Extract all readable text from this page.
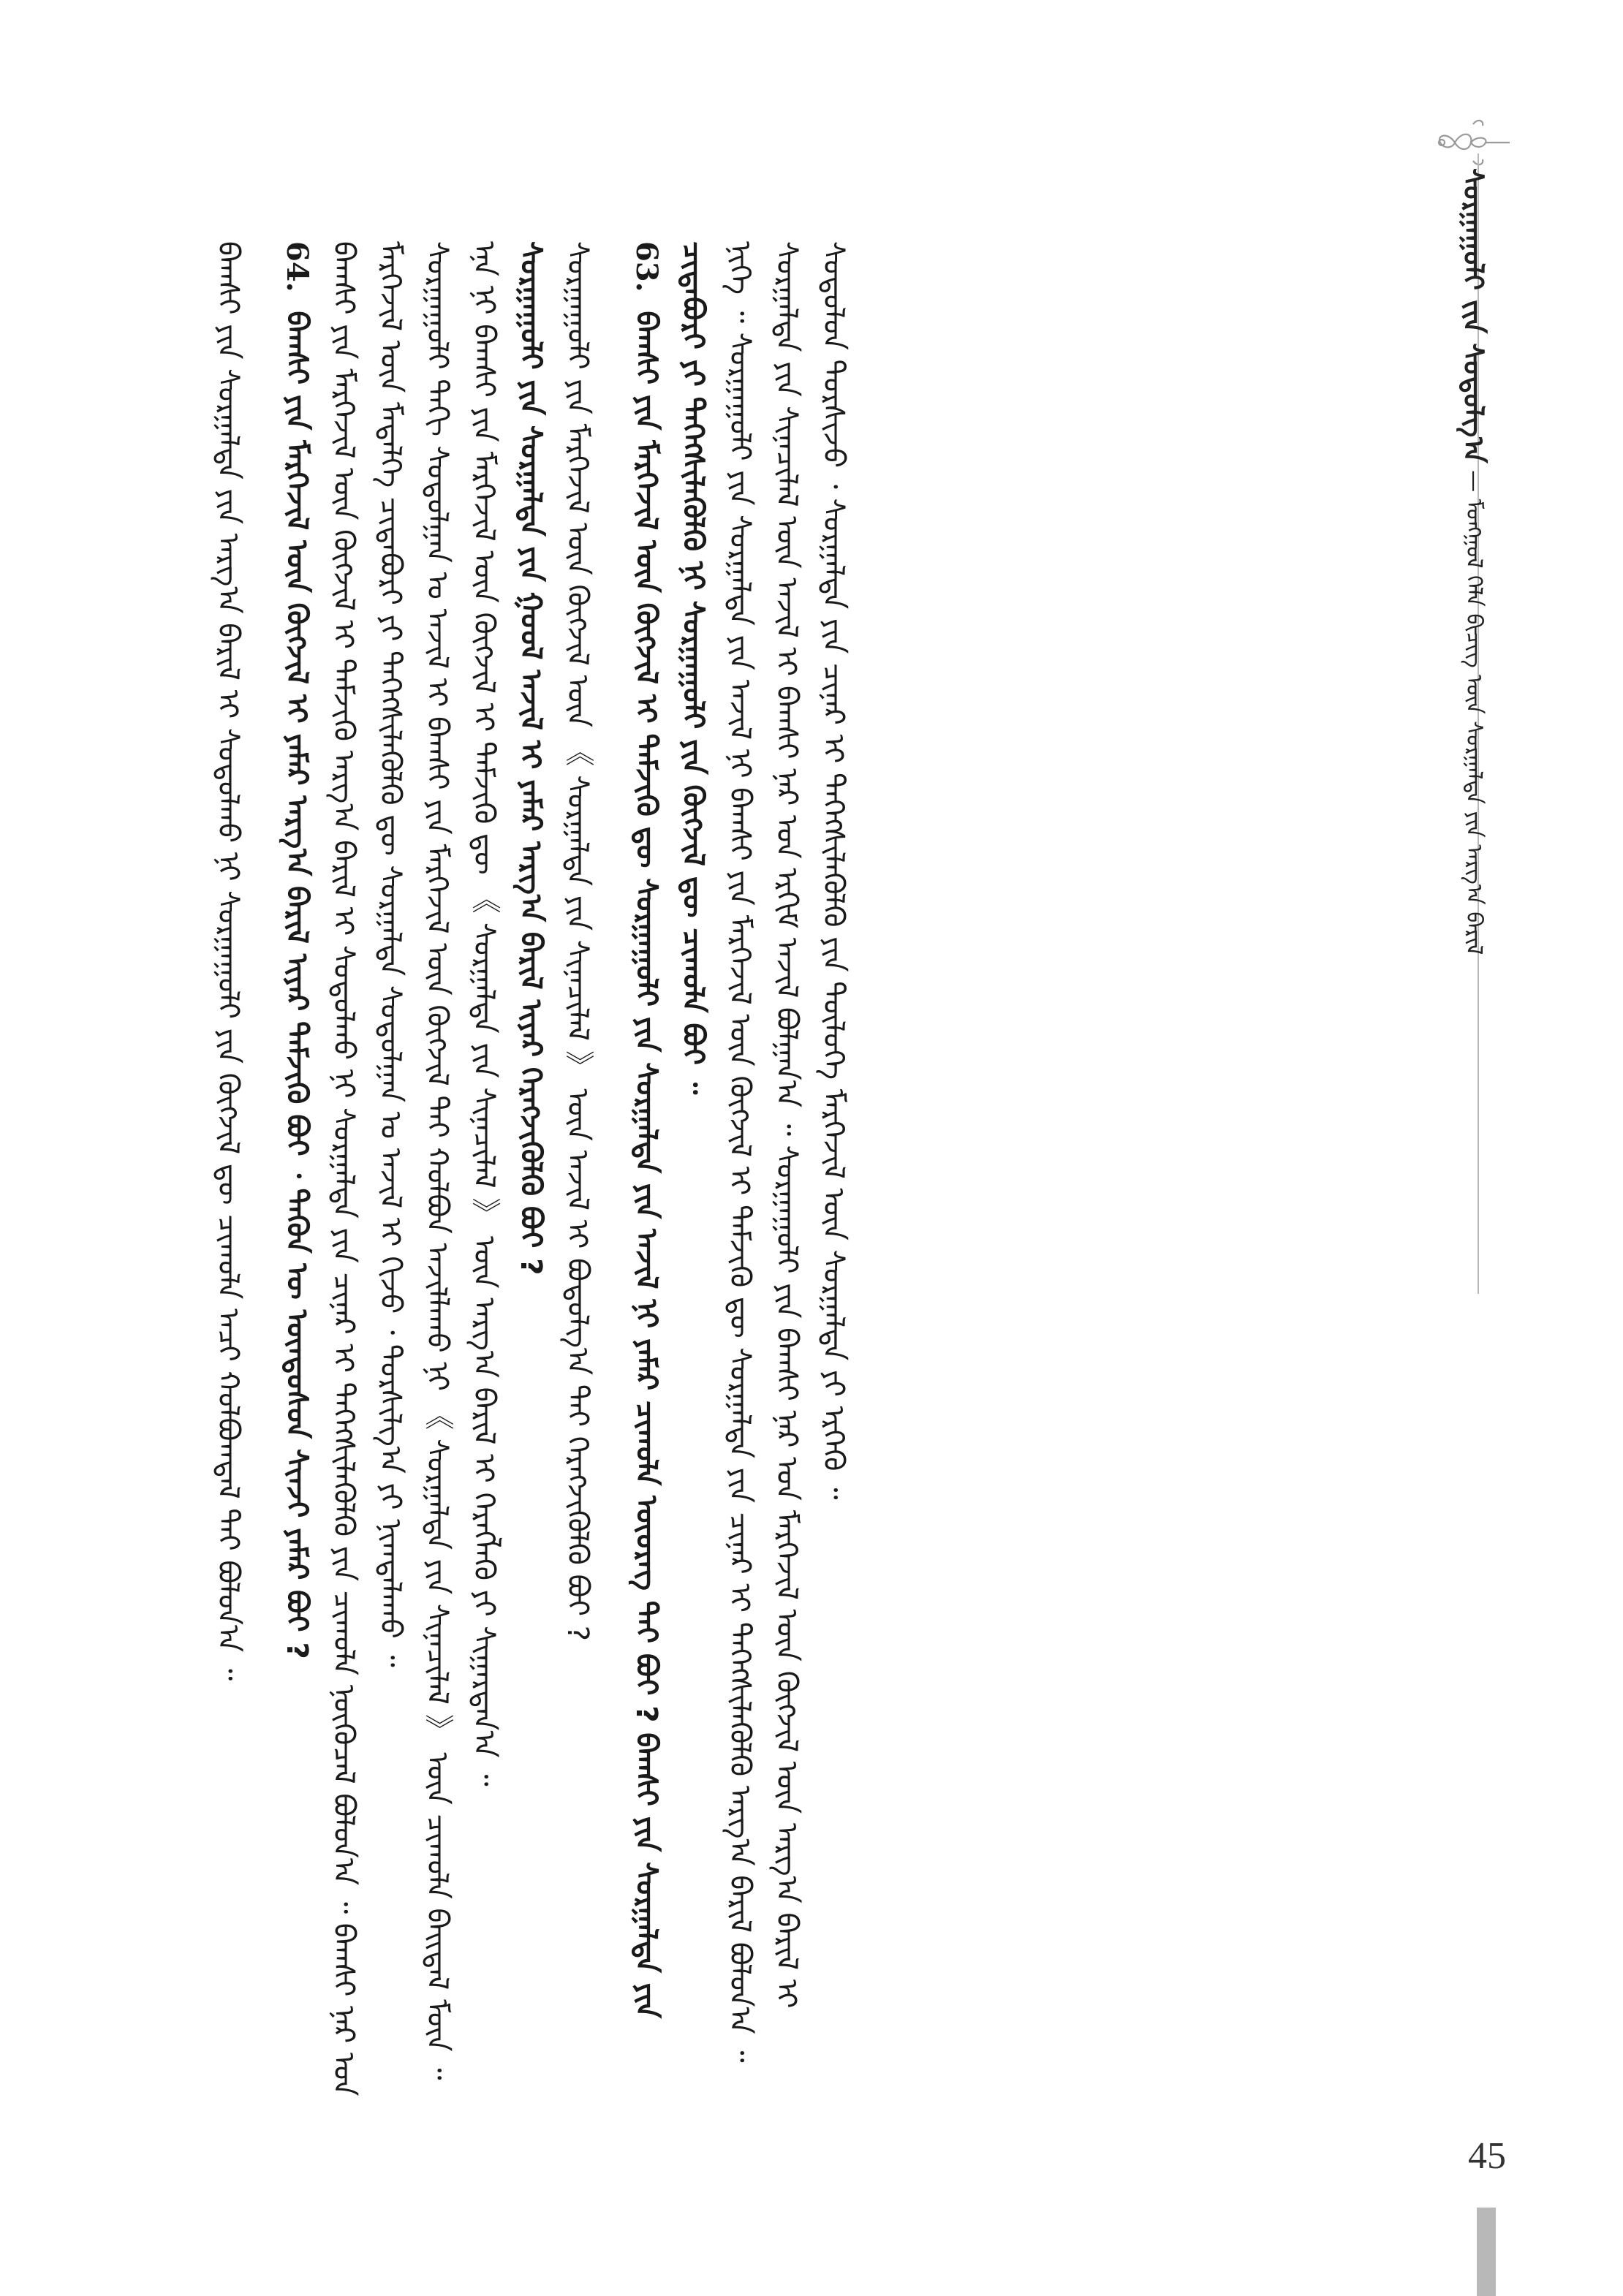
ᠰᠤᠷᠭᠠᠭᠤᠯᠢ ᠵᠢᠨ ᠰᠤᠳᠤᠯᠭ᠎ᠠ — ᠮᠣᠩᠭᠣᠯ ᠬᠡᠯᠡ ᠪᠢᠴᠢᠭ ᠦᠨ ᠰᠤᠷᠭᠠᠯᠲᠠ ᠶᠢᠨ ᠠᠷᠭ᠎ᠠ ᠪᠠᠷᠢᠯ

ᠪᠠᠭᠰᠢ ᠶᠢᠨ ᠰᠤᠷᠭᠠᠯᠲᠠ ᠶᠢᠨ ᠠᠷᠭ᠎ᠠ ᠪᠠᠷᠢᠯ ᠢ ᠰᠤᠳᠤᠯᠬᠤ ᠨᠢ ᠰᠤᠷᠭᠠᠭᠤᠯᠢ ᠶᠢᠨ ᠬᠥᠭᠵᠢᠯ ᠳᠦ ᠴᠢᠬᠤᠯᠠ ᠠᠴᠢ ᠬᠣᠯᠪᠣᠭᠳᠠᠯ ᠲᠠᠢ ᠪᠣᠯᠤᠨ᠎ᠠ ᠃ 64. ᠪᠠᠭᠰᠢ ᠶᠢᠨ ᠮᠡᠷᠭᠡᠵᠢᠯ ᠦᠨ ᠬᠥᠭᠵᠢᠯ ᠢ ᠶᠠᠮᠠᠷ ᠠᠷᠭ᠎ᠠ ᠪᠠᠷᠢᠯ ᠢᠶᠠᠷ ᠳᠡᠮᠵᠢᠬᠦ ᠪᠤᠢ ᠂ ᠲᠡᠭᠦᠨ ᠦ ᠦᠨᠳᠦᠰᠦᠨ ᠰᠢᠨᠵᠢ ᠶᠠᠮᠠᠷ ᠪᠤᠢ ? ᠪᠠᠭᠰᠢ ᠶᠢᠨ ᠮᠡᠷᠭᠡᠵᠢᠯ ᠦᠨ ᠬᠥᠭᠵᠢᠯ ᠢ ᠳᠡᠮᠵᠢᠬᠦ ᠠᠷᠭ᠎ᠠ ᠪᠠᠷᠢᠯ ᠢ ᠰᠤᠳᠤᠯᠬᠤ ᠨᠢ ᠰᠤᠷᠭᠠᠯᠲᠠ ᠶᠢᠨ ᠴᠢᠨᠠᠷ ᠢ ᠳᠡᠭᠡᠭᠰᠢᠯᠡᠭᠦᠯᠬᠦ ᠶᠢᠨ ᠴᠢᠬᠤᠯᠠ ᠨᠥᠬᠦᠴᠡᠯ ᠪᠣᠯᠤᠨ᠎ᠠ ᠃ ᠪᠠᠭᠰᠢ ᠨᠠᠷ ᠤᠨ ᠮᠡᠷᠭᠡᠵᠢᠯ ᠦᠨ ᠮᠡᠳᠡᠯᠭᠡ ᠴᠢᠳᠠᠪᠤᠷᠢ ᠶᠢ ᠳᠡᠭᠡᠭᠰᠢᠯᠡᠭᠦᠯᠬᠦ ᠳᠦ ᠰᠤᠷᠭᠠᠯᠲᠠ ᠰᠤᠳᠤᠯᠭᠠᠨ ᠤ ᠠᠵᠢᠯ ᠢ ᠬᠢᠵᠦ ᠂ ᠲᠤᠷᠰᠢᠯᠭ᠎ᠠ ᠶᠢ ᠨᠢᠭᠲᠠᠯᠠᠬᠤ ᠃ ᠰᠤᠷᠭᠠᠭᠤᠯᠢ ᠳᠠᠬᠢ ᠰᠤᠳᠤᠯᠭᠠᠨ ᠤ ᠠᠵᠢᠯ ᠢ ᠪᠠᠭᠰᠢ ᠶᠢᠨ ᠮᠡᠷᠭᠡᠵᠢᠯ ᠦᠨ ᠬᠥᠭᠵᠢᠯ ᠲᠡᠢ ᠬᠣᠯᠪᠣᠨ ᠠᠵᠢᠯᠯᠠᠬᠤ ᠨᠢ 《 ᠰᠤᠷᠭᠠᠯᠲᠠ ᠶᠢᠨ ᠰᠢᠨᠡᠴᠢᠯᠡᠯ 》 ᠦᠨ ᠴᠢᠬᠤᠯᠠ ᠪᠠᠢᠳᠠᠯ ᠮᠥᠨ ᠃ ᠡᠨᠡ ᠨᠢ ᠪᠠᠭᠰᠢ ᠶᠢᠨ ᠮᠡᠷᠭᠡᠵᠢᠯ ᠦᠨ ᠬᠥᠭᠵᠢᠯ ᠢ ᠳᠡᠮᠵᠢᠬᠦ ᠳᠦ 《 ᠰᠤᠷᠭᠠᠯᠲᠠ ᠶᠢᠨ ᠰᠢᠨᠡᠴᠢᠯᠡᠯ 》 ᠦᠨ ᠠᠷᠭ᠎ᠠ ᠪᠠᠷᠢᠯ ᠢ ᠬᠡᠷᠡᠭᠯᠡᠬᠦ ᠶᠢ ᠰᠢᠭᠠᠷᠳᠠᠨ᠎ᠠ ᠃ ᠰᠤᠷᠭᠠᠭᠤᠯᠢ ᠶᠢᠨ ᠰᠤᠷᠭᠠᠯᠲᠠ ᠶᠢᠨ ᠭᠣᠣᠯ ᠠᠵᠢᠯ ᠢ ᠶᠠᠮᠠᠷ ᠠᠷᠭ᠎ᠠ ᠪᠠᠷᠢᠯ ᠢᠶᠠᠷ ᠬᠡᠷᠡᠭᠵᠢᠭᠦᠯᠬᠦ ᠪᠤᠢ ? ᠰᠤᠷᠭᠠᠭᠤᠯᠢ ᠶᠢᠨ ᠮᠡᠷᠭᠡᠵᠢᠯ ᠦᠨ ᠬᠥᠭᠵᠢᠯ ᠦᠨ 《 ᠰᠤᠷᠭᠠᠯᠲᠠ ᠶᠢᠨ ᠰᠢᠨᠡᠴᠢᠯᠡᠯ 》 ᠦᠨ ᠠᠵᠢᠯ ᠢ ᠪᠣᠳᠤᠯᠭ᠎ᠠ ᠲᠠᠢ ᠬᠡᠷᠡᠭᠵᠢᠭᠦᠯᠬᠦ ᠪᠤᠢ ? 63. ᠪᠠᠭᠰᠢ ᠶᠢᠨ ᠮᠡᠷᠭᠡᠵᠢᠯ ᠦᠨ ᠬᠥᠭᠵᠢᠯ ᠢ ᠳᠡᠮᠵᠢᠬᠦ ᠳᠦ ᠰᠤᠷᠭᠠᠭᠤᠯᠢ ᠶᠢᠨ ᠰᠤᠷᠭᠠᠯᠲᠠ ᠶᠢᠨ ᠠᠵᠢᠯ ᠨᠢ ᠶᠠᠮᠠᠷ ᠴᠢᠬᠤᠯᠠ ᠦᠦᠷᠡᠭ ᠲᠡᠢ ᠪᠤᠢ ? ᠪᠠᠭᠰᠢ ᠶᠢᠨ ᠰᠤᠷᠭᠠᠯᠲᠠ ᠶᠢᠨ ᠴᠢᠳᠠᠪᠤᠷᠢ ᠶᠢ ᠳᠡᠭᠡᠭᠰᠢᠯᠡᠭᠦᠯᠬᠦ ᠨᠢ ᠰᠤᠷᠭᠠᠭᠤᠯᠢ ᠶᠢᠨ ᠬᠥᠭᠵᠢᠯ ᠳᠦ ᠴᠢᠬᠤᠯᠠ ᠪᠤᠢ ᠃ ᠨᠢᠭᠡ ᠃ ᠰᠤᠷᠭᠠᠭᠤᠯᠢ ᠶᠢᠨ ᠰᠤᠷᠭᠠᠯᠲᠠ ᠶᠢᠨ ᠠᠵᠢᠯ ᠨᠢ ᠪᠠᠭᠰᠢ ᠶᠢᠨ ᠮᠡᠷᠭᠡᠵᠢᠯ ᠦᠨ ᠬᠥᠭᠵᠢᠯ ᠢ ᠳᠡᠮᠵᠢᠬᠦ ᠳᠦ ᠰᠤᠷᠭᠠᠯᠲᠠ ᠶᠢᠨ ᠴᠢᠨᠠᠷ ᠢ ᠳᠡᠭᠡᠭᠰᠢᠯᠡᠭᠦᠯᠬᠦ ᠠᠷᠭ᠎ᠠ ᠪᠠᠷᠢᠯ ᠪᠣᠯᠤᠨ᠎ᠠ ᠃ ᠰᠤᠷᠭᠠᠯᠲᠠ ᠶᠢᠨ ᠰᠢᠨᠡᠴᠢᠯᠡᠯ ᠦᠨ ᠠᠵᠢᠯ ᠢ ᠪᠠᠭᠰᠢ ᠨᠠᠷ ᠤᠨ ᠡᠷᠬᠢᠮ ᠠᠵᠢᠯ ᠪᠣᠯᠭᠠᠨ᠎ᠠ ᠃ ᠰᠤᠷᠭᠠᠭᠤᠯᠢ ᠶᠢᠨ ᠪᠠᠭᠰᠢ ᠨᠠᠷ ᠤᠨ ᠮᠡᠷᠭᠡᠵᠢᠯ ᠦᠨ ᠬᠥᠭᠵᠢᠯ ᠦᠨ ᠠᠷᠭ᠎ᠠ ᠪᠠᠷᠢᠯ ᠢ ᠰᠤᠳᠤᠯᠤᠨ ᠲᠤᠷᠰᠢᠵᠤ ᠂ ᠰᠤᠷᠭᠠᠯᠲᠠ ᠶᠢᠨ ᠴᠢᠨᠠᠷ ᠢ ᠳᠡᠭᠡᠭᠰᠢᠯᠡᠭᠦᠯᠬᠦ ᠶᠢᠨ ᠲᠥᠯᠥᠭᠡ ᠮᠡᠷᠭᠡᠵᠢᠯ ᠦᠨ ᠰᠤᠷᠭᠠᠯᠲᠠ ᠶᠢ ᠡᠷᠭᠡᠬᠦ ᠃

45
